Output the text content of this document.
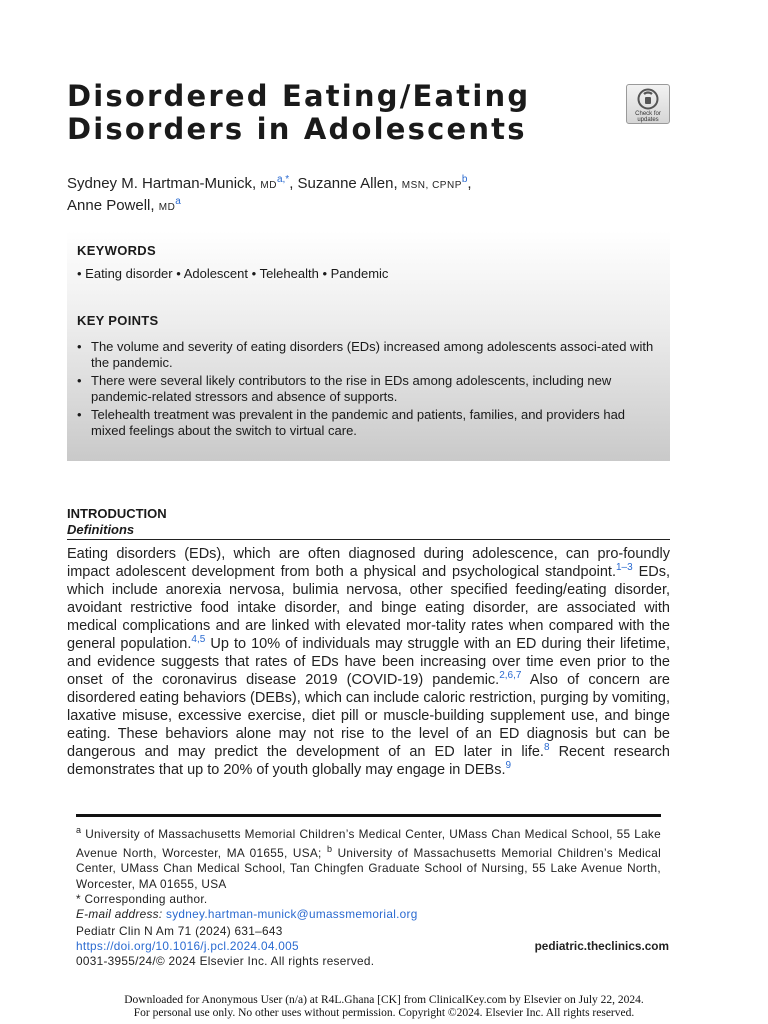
Disordered Eating/Eating
Disorders in Adolescents	Check for
updates
Sydney M. Hartman-Munick, MD$^{a,*}$, Suzanne Allen, MSN, CPNP$^b$,
Anne Powell, MD$^a$
KEYWORDS
• Eating disorder • Adolescent • Telehealth • Pandemic
KEY POINTS
• The volume and severity of eating disorders (EDs) increased among adolescents associ-ated with the pandemic.
• There were several likely contributors to the rise in EDs among adolescents, including new pandemic-related stressors and absence of supports.
• Telehealth treatment was prevalent in the pandemic and patients, families, and providers had mixed feelings about the switch to virtual care.
INTRODUCTION
Definitions

Eating disorders (EDs), which are often diagnosed during adolescence, can pro-foundly impact adolescent development from both a physical and psychological standpoint.$^{1-3}$ EDs, which include anorexia nervosa, bulimia nervosa, other specified feeding/eating disorder, avoidant restrictive food intake disorder, and binge eating disorder, are associated with medical complications and are linked with elevated mor-tality rates when compared with the general population.$^{4,5}$ Up to 10% of individuals may struggle with an ED during their lifetime, and evidence suggests that rates of EDs have been increasing over time even prior to the onset of the coronavirus disease 2019 (COVID-19) pandemic.$^{2,6,7}$ Also of concern are disordered eating behaviors (DEBs), which can include caloric restriction, purging by vomiting, laxative misuse, excessive exercise, diet pill or muscle-building supplement use, and binge eating. These behaviors alone may not rise to the level of an ED diagnosis but can be dangerous and may predict the development of an ED later in life.$^8$ Recent research demonstrates that up to 20% of youth globally may engage in DEBs.$^9$

$^a$ University of Massachusetts Memorial Children’s Medical Center, UMass Chan Medical School, 55 Lake Avenue North, Worcester, MA 01655, USA; $^b$ University of Massachusetts Memorial Children’s Medical Center, UMass Chan Medical School, Tan Chingfen Graduate School of Nursing, 55 Lake Avenue North, Worcester, MA 01655, USA

* Corresponding author.

E-mail address: sydney.hartman-munick@umassmemorial.org

Pediatr Clin N Am 71 (2024) 631–643
https://doi.org/10.1016/j.pcl.2024.04.005
0031-3955/24/© 2024 Elsevier Inc. All rights reserved.
pediatric.theclinics.com
Downloaded for Anonymous User (n/a) at R4L.Ghana [CK] from ClinicalKey.com by Elsevier on July 22, 2024.
For personal use only. No other uses without permission. Copyright ©2024. Elsevier Inc. All rights reserved.
